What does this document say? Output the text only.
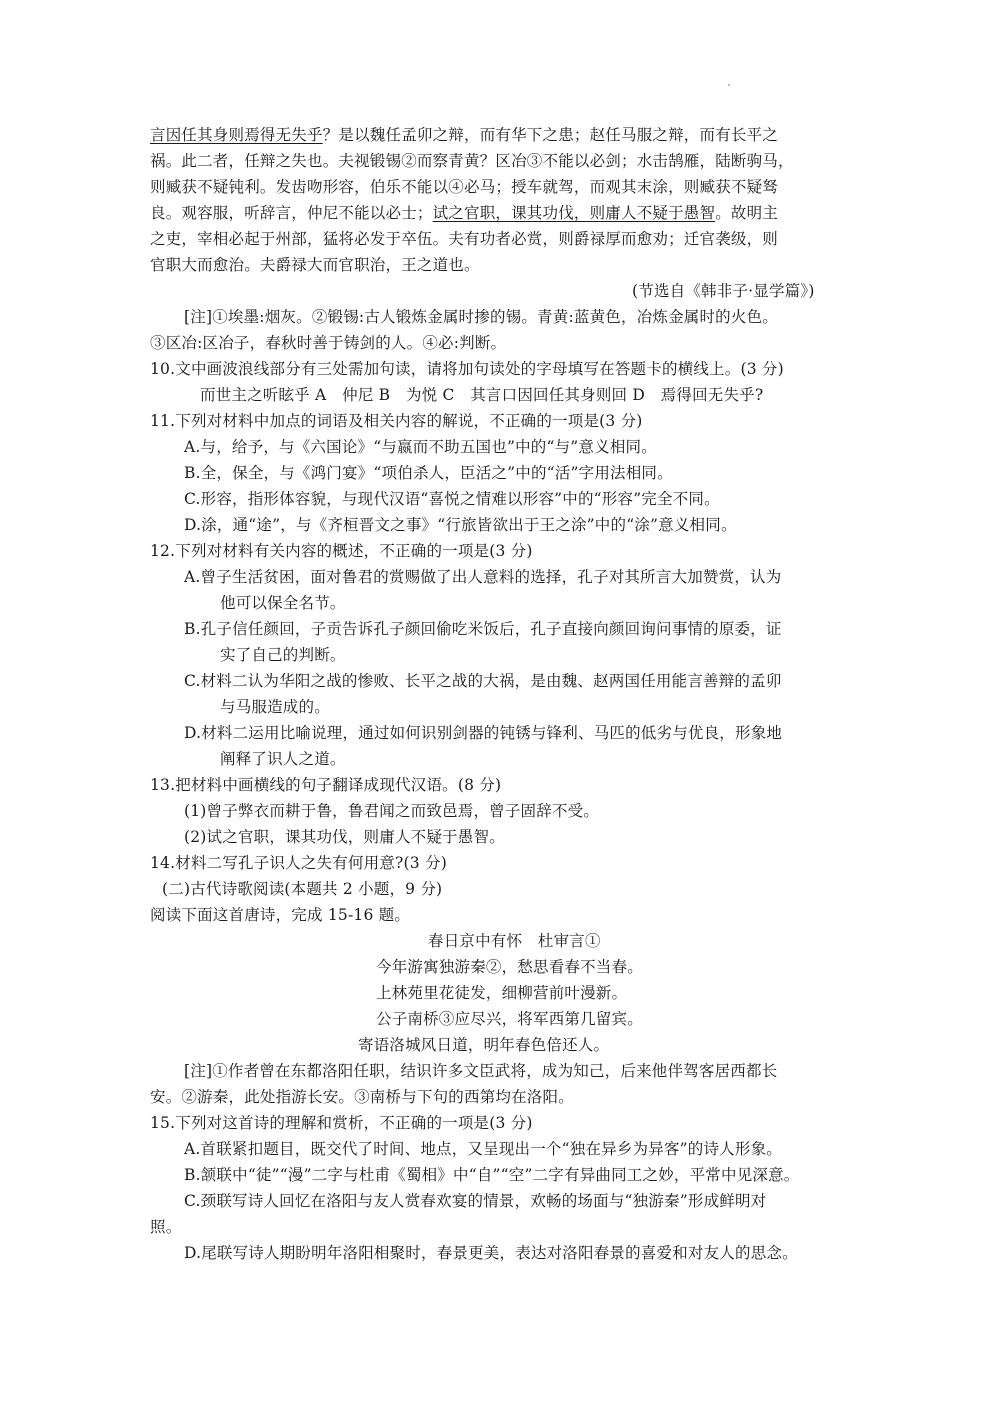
言因任其身则焉得无失乎？是以魏任孟卯之辩，而有华下之患；赵任马服之辩，而有长平之
祸。此二者，任辩之失也。夫视锻锡②而察青黄？区冶③不能以必剑；水击鹄雁，陆断驹马，
则臧获不疑钝利。发齿吻形容，伯乐不能以④必马；授车就驾，而观其末涂，则臧获不疑驽
良。观容服，听辞言，仲尼不能以必士；试之官职，课其功伐，则庸人不疑于愚智。故明主
之吏，宰相必起于州部，猛将必发于卒伍。夫有功者必赏，则爵禄厚而愈劝；迁官袭级，则
官职大而愈治。夫爵禄大而官职治，王之道也。
(节选自《韩非子·显学篇》)
[注]①埃墨:烟灰。②锻锡:古人锻炼金属时掺的锡。青黄:蓝黄色，冶炼金属时的火色。
③区冶:区冶子，春秋时善于铸剑的人。④必:判断。
10.文中画波浪线部分有三处需加句读，请将加句读处的字母填写在答题卡的横线上。(3 分)
而世主之听眩乎 A　仲尼 B　为悦 C　其言口因回任其身则回 D　焉得回无失乎?
11.下列对材料中加点的词语及相关内容的解说，不正确的一项是(3 分)
A.与，给予，与《六国论》“与嬴而不助五国也”中的“与”意义相同。
B.全，保全，与《鸿门宴》“项伯杀人，臣活之”中的“活”字用法相同。
C.形容，指形体容貌，与现代汉语“喜悦之情难以形容”中的“形容”完全不同。
D.涂，通“途”，与《齐桓晋文之事》“行旅皆欲出于王之涂”中的“涂”意义相同。
12.下列对材料有关内容的概述，不正确的一项是(3 分)
A.曾子生活贫困，面对鲁君的赏赐做了出人意料的选择，孔子对其所言大加赞赏，认为
他可以保全名节。
B.孔子信任颜回，子贡告诉孔子颜回偷吃米饭后，孔子直接向颜回询问事情的原委，证
实了自己的判断。
C.材料二认为华阳之战的惨败、长平之战的大祸，是由魏、赵两国任用能言善辩的孟卯
与马服造成的。
D.材料二运用比喻说理，通过如何识别剑器的钝锈与锋利、马匹的低劣与优良，形象地
阐释了识人之道。
13.把材料中画横线的句子翻译成现代汉语。(8 分)
(1)曾子弊衣而耕于鲁，鲁君闻之而致邑焉，曾子固辞不受。
(2)试之官职，课其功伐，则庸人不疑于愚智。
14.材料二写孔子识人之失有何用意?(3 分)
(二)古代诗歌阅读(本题共 2 小题，9 分)
阅读下面这首唐诗，完成 15-16 题。
春日京中有怀　杜审言①
今年游寓独游秦②，愁思看春不当春。
上林苑里花徒发，细柳营前叶漫新。
公子南桥③应尽兴，将军西第几留宾。
寄语洛城风日道，明年春色倍还人。
[注]①作者曾在东都洛阳任职，结识许多文臣武将，成为知己，后来他伴驾客居西都长
安。②游秦，此处指游长安。③南桥与下句的西第均在洛阳。
15.下列对这首诗的理解和赏析，不正确的一项是(3 分)
A.首联紧扣题目，既交代了时间、地点，又呈现出一个“独在异乡为异客”的诗人形象。
B.颔联中“徒”“漫”二字与杜甫《蜀相》中“自”“空”二字有异曲同工之妙，平常中见深意。
C.颈联写诗人回忆在洛阳与友人赏春欢宴的情景，欢畅的场面与“独游秦”形成鲜明对
照。
D.尾联写诗人期盼明年洛阳相聚时，春景更美，表达对洛阳春景的喜爱和对友人的思念。
